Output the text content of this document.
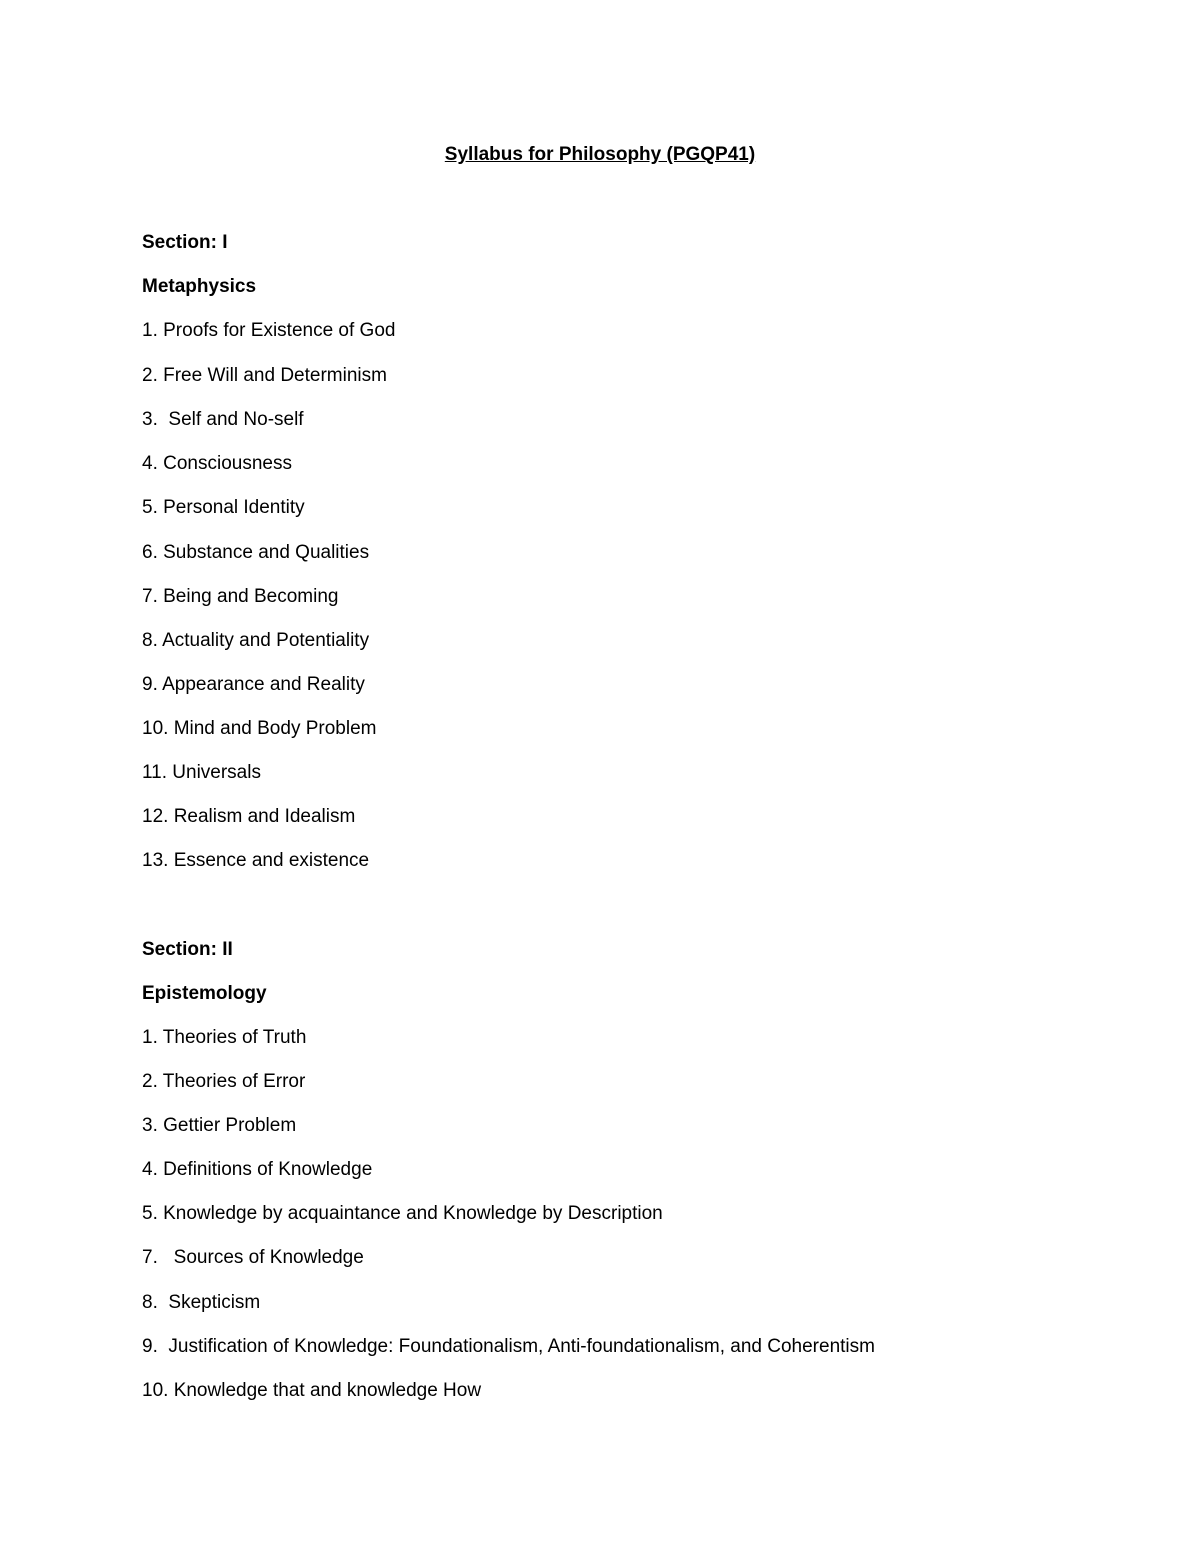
Syllabus for Philosophy (PGQP41)

Section: I

Metaphysics

1. Proofs for Existence of God

2. Free Will and Determinism

3.  Self and No-self

4. Consciousness

5. Personal Identity

6. Substance and Qualities

7. Being and Becoming

8. Actuality and Potentiality

9. Appearance and Reality

10. Mind and Body Problem

11. Universals

12. Realism and Idealism

13. Essence and existence

Section: II

Epistemology

1. Theories of Truth

2. Theories of Error

3. Gettier Problem

4. Definitions of Knowledge

5. Knowledge by acquaintance and Knowledge by Description

7.   Sources of Knowledge

8.  Skepticism

9.  Justification of Knowledge: Foundationalism, Anti-foundationalism, and Coherentism

10. Knowledge that and knowledge How
